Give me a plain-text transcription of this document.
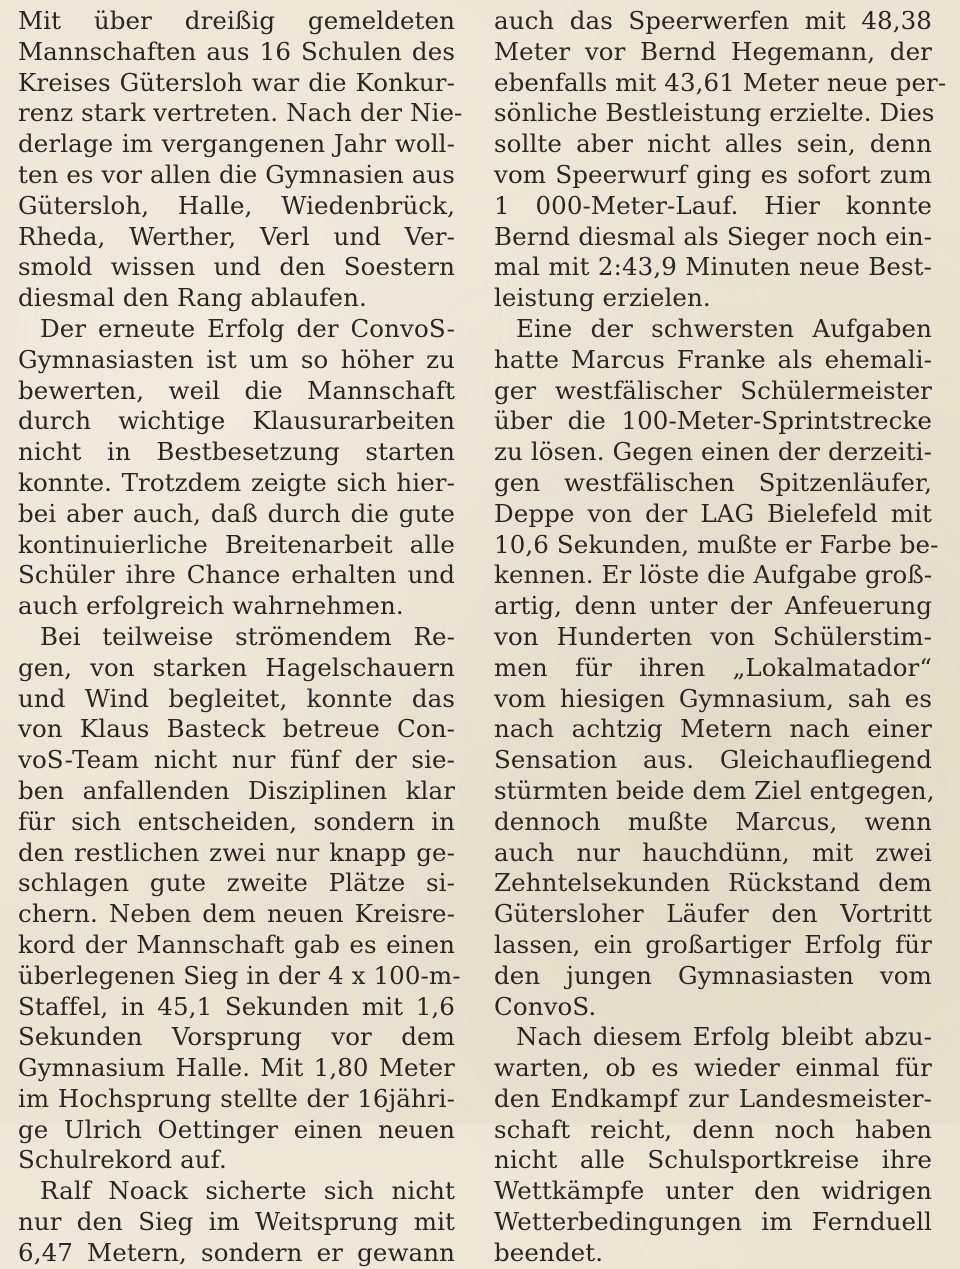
Mit über dreißig gemeldeten
Mannschaften aus 16 Schulen des
Kreises Gütersloh war die Konkur-
renz stark vertreten. Nach der Nie-
derlage im vergangenen Jahr woll-
ten es vor allen die Gymnasien aus
Gütersloh, Halle, Wiedenbrück,
Rheda, Werther, Verl und Ver-
smold wissen und den Soestern
diesmal den Rang ablaufen.
Der erneute Erfolg der ConvoS-
Gymnasiasten ist um so höher zu
bewerten, weil die Mannschaft
durch wichtige Klausurarbeiten
nicht in Bestbesetzung starten
konnte. Trotzdem zeigte sich hier-
bei aber auch, daß durch die gute
kontinuierliche Breitenarbeit alle
Schüler ihre Chance erhalten und
auch erfolgreich wahrnehmen.
Bei teilweise strömendem Re-
gen, von starken Hagelschauern
und Wind begleitet, konnte das
von Klaus Basteck betreue Con-
voS-Team nicht nur fünf der sie-
ben anfallenden Disziplinen klar
für sich entscheiden, sondern in
den restlichen zwei nur knapp ge-
schlagen gute zweite Plätze si-
chern. Neben dem neuen Kreisre-
kord der Mannschaft gab es einen
überlegenen Sieg in der 4 x 100-m-
Staffel, in 45,1 Sekunden mit 1,6
Sekunden Vorsprung vor dem
Gymnasium Halle. Mit 1,80 Meter
im Hochsprung stellte der 16jähri-
ge Ulrich Oettinger einen neuen
Schulrekord auf.
Ralf Noack sicherte sich nicht
nur den Sieg im Weitsprung mit
6,47 Metern, sondern er gewann
auch das Speerwerfen mit 48,38
Meter vor Bernd Hegemann, der
ebenfalls mit 43,61 Meter neue per-
sönliche Bestleistung erzielte. Dies
sollte aber nicht alles sein, denn
vom Speerwurf ging es sofort zum
1 000-Meter-Lauf. Hier konnte
Bernd diesmal als Sieger noch ein-
mal mit 2:43,9 Minuten neue Best-
leistung erzielen.
Eine der schwersten Aufgaben
hatte Marcus Franke als ehemali-
ger westfälischer Schülermeister
über die 100-Meter-Sprintstrecke
zu lösen. Gegen einen der derzeiti-
gen westfälischen Spitzenläufer,
Deppe von der LAG Bielefeld mit
10,6 Sekunden, mußte er Farbe be-
kennen. Er löste die Aufgabe groß-
artig, denn unter der Anfeuerung
von Hunderten von Schülerstim-
men für ihren „Lokalmatador“
vom hiesigen Gymnasium, sah es
nach achtzig Metern nach einer
Sensation aus. Gleichaufliegend
stürmten beide dem Ziel entgegen,
dennoch mußte Marcus, wenn
auch nur hauchdünn, mit zwei
Zehntelsekunden Rückstand dem
Gütersloher Läufer den Vortritt
lassen, ein großartiger Erfolg für
den jungen Gymnasiasten vom
ConvoS.
Nach diesem Erfolg bleibt abzu-
warten, ob es wieder einmal für
den Endkampf zur Landesmeister-
schaft reicht, denn noch haben
nicht alle Schulsportkreise ihre
Wettkämpfe unter den widrigen
Wetterbedingungen im Fernduell
beendet.
